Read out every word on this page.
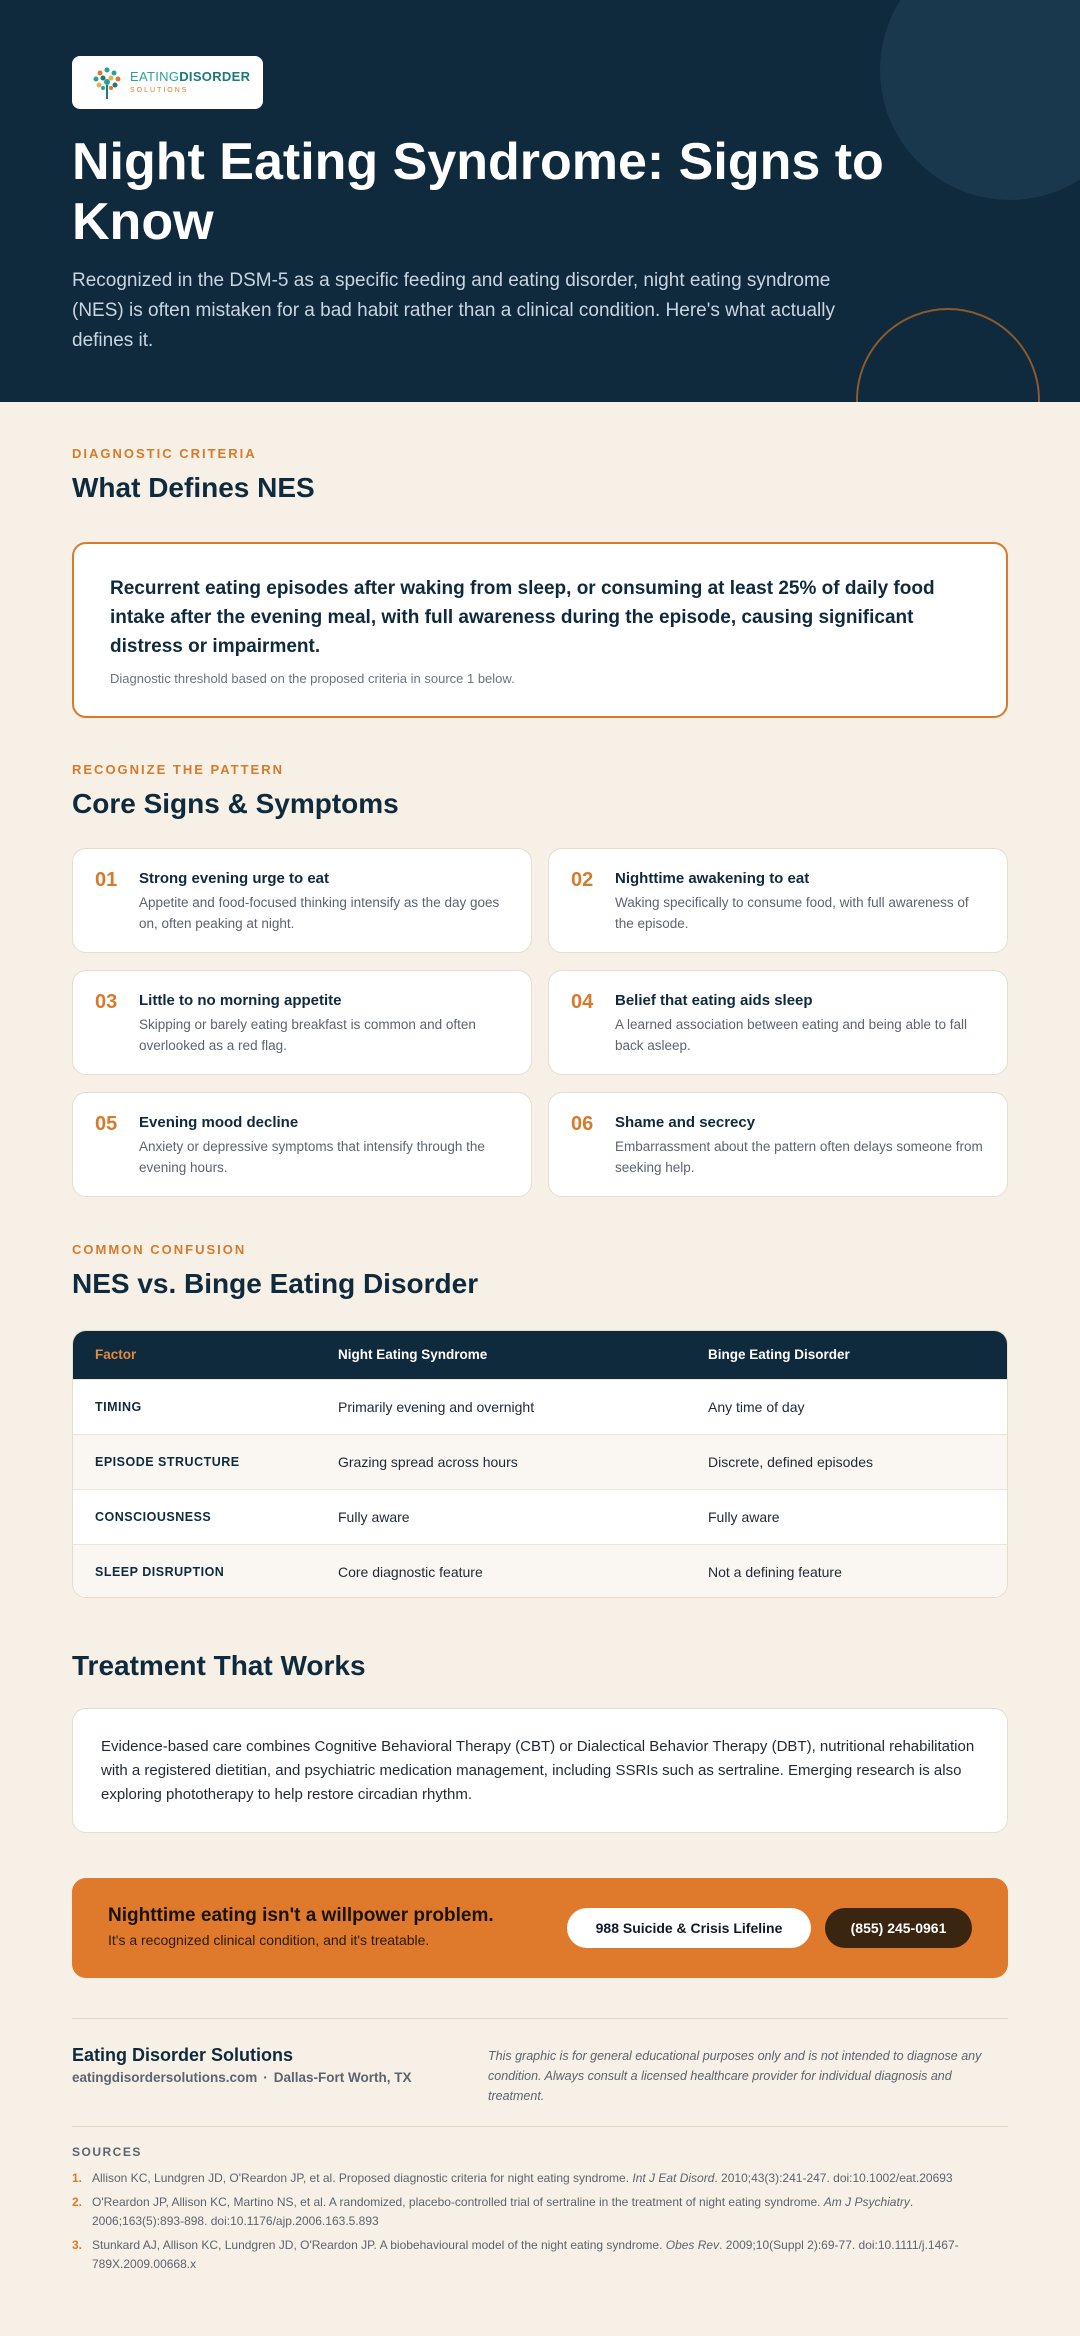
EATINGDISORDER
SOLUTIONS
Night Eating Syndrome: Signs to Know

Recognized in the DSM-5 as a specific feeding and eating disorder, night eating syndrome (NES) is often mistaken for a bad habit rather than a clinical condition. Here's what actually defines it.

DIAGNOSTIC CRITERIA
What Defines NES
Recurrent eating episodes after waking from sleep, or consuming at least 25% of daily food intake after the evening meal, with full awareness during the episode, causing significant distress or impairment.
Diagnostic threshold based on the proposed criteria in source 1 below.
RECOGNIZE THE PATTERN
Core Signs & Symptoms
01 Strong evening urge to eat
Appetite and food-focused thinking intensify as the day goes on, often peaking at night.
02 Nighttime awakening to eat
Waking specifically to consume food, with full awareness of the episode.
03 Little to no morning appetite
Skipping or barely eating breakfast is common and often overlooked as a red flag.
04 Belief that eating aids sleep
A learned association between eating and being able to fall back asleep.
05 Evening mood decline
Anxiety or depressive symptoms that intensify through the evening hours.
06 Shame and secrecy
Embarrassment about the pattern often delays someone from seeking help.
COMMON CONFUSION
NES vs. Binge Eating Disorder
Factor	Night Eating Syndrome	Binge Eating Disorder
TIMING	Primarily evening and overnight	Any time of day
EPISODE STRUCTURE	Grazing spread across hours	Discrete, defined episodes
CONSCIOUSNESS	Fully aware	Fully aware
SLEEP DISRUPTION	Core diagnostic feature	Not a defining feature
Treatment That Works
Evidence-based care combines Cognitive Behavioral Therapy (CBT) or Dialectical Behavior Therapy (DBT), nutritional rehabilitation with a registered dietitian, and psychiatric medication management, including SSRIs such as sertraline. Emerging research is also exploring phototherapy to help restore circadian rhythm.
Nighttime eating isn't a willpower problem.
It's a recognized clinical condition, and it's treatable.
988 Suicide & Crisis Lifeline	(855) 245-0961
Eating Disorder Solutions
eatingdisordersolutions.com · Dallas-Fort Worth, TX
This graphic is for general educational purposes only and is not intended to diagnose any condition. Always consult a licensed healthcare provider for individual diagnosis and treatment.
SOURCES
1. Allison KC, Lundgren JD, O'Reardon JP, et al. Proposed diagnostic criteria for night eating syndrome. Int J Eat Disord. 2010;43(3):241-247. doi:10.1002/eat.20693
2. O'Reardon JP, Allison KC, Martino NS, et al. A randomized, placebo-controlled trial of sertraline in the treatment of night eating syndrome. Am J Psychiatry. 2006;163(5):893-898. doi:10.1176/ajp.2006.163.5.893
3. Stunkard AJ, Allison KC, Lundgren JD, O'Reardon JP. A biobehavioural model of the night eating syndrome. Obes Rev. 2009;10(Suppl 2):69-77. doi:10.1111/j.1467-789X.2009.00668.x
